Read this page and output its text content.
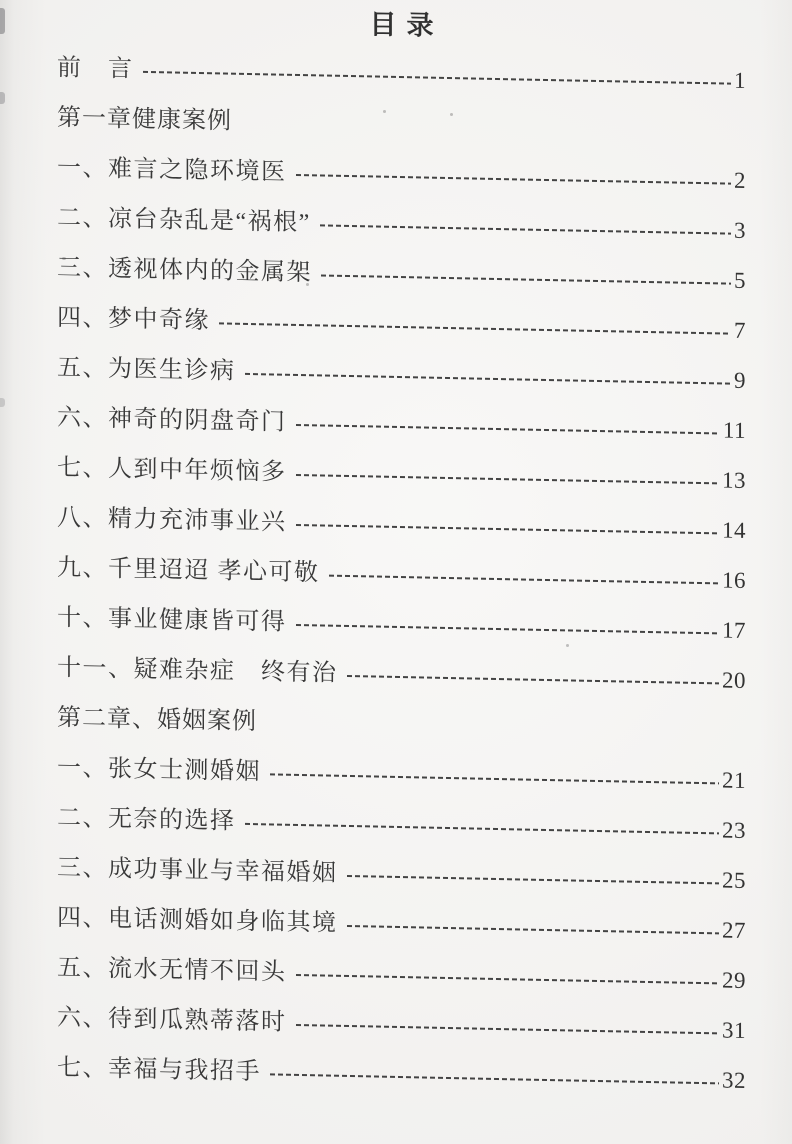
目录
前　言	1
第一章健康案例
一、难言之隐环境医	2
二、凉台杂乱是“祸根”	3
三、透视体内的金属架	5
四、梦中奇缘	7
五、为医生诊病	9
六、神奇的阴盘奇门	11
七、人到中年烦恼多	13
八、精力充沛事业兴	14
九、千里迢迢 孝心可敬	16
十、事业健康皆可得	17
十一、疑难杂症　终有治	20
第二章、婚姻案例
一、张女士测婚姻	21
二、无奈的选择	23
三、成功事业与幸福婚姻	25
四、电话测婚如身临其境	27
五、流水无情不回头	29
六、待到瓜熟蒂落时	31
七、幸福与我招手	32
